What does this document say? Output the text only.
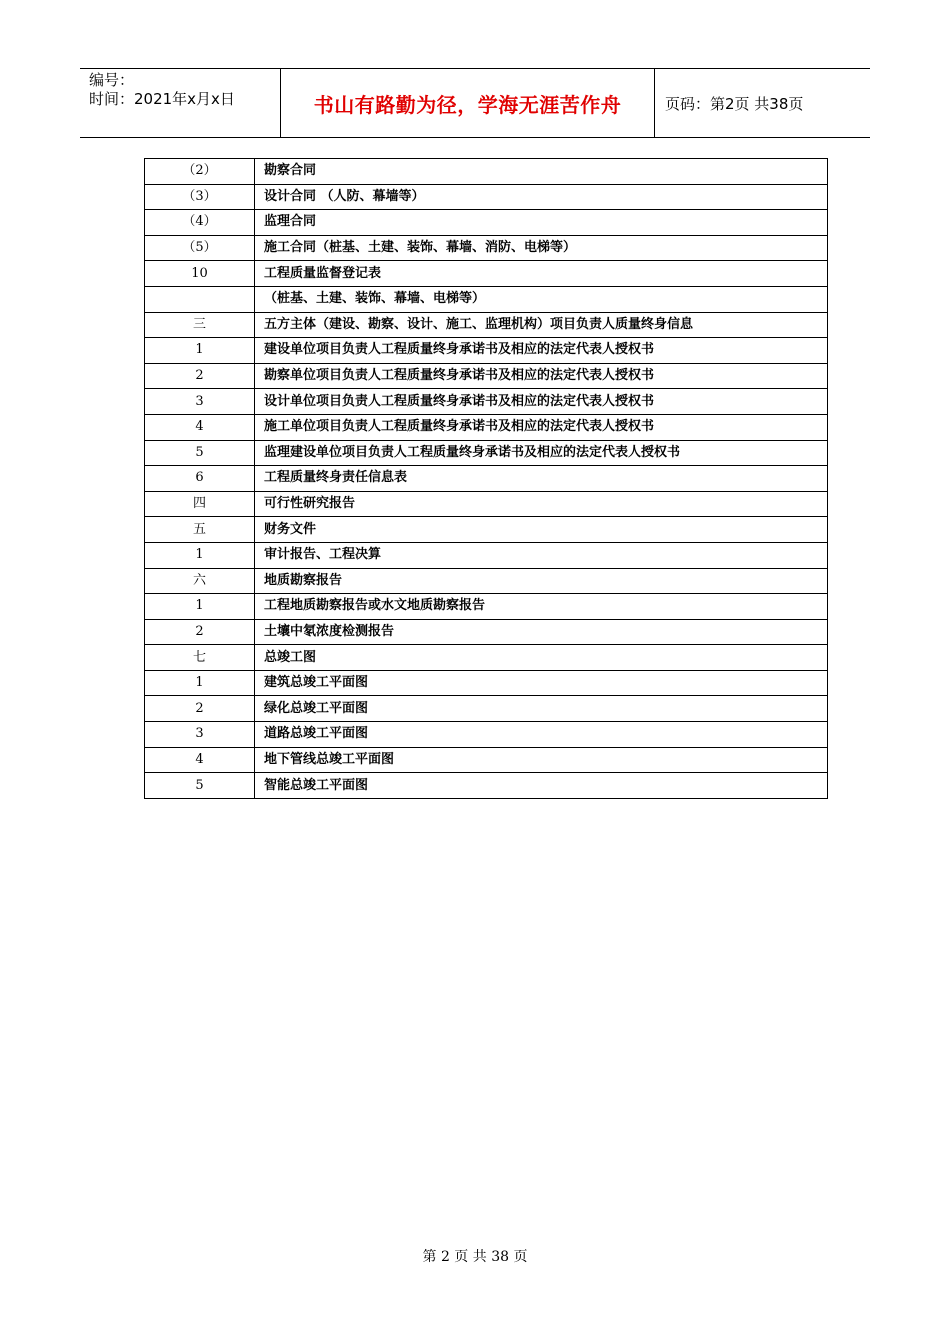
编号：
时间：2021年x月x日	书山有路勤为径，学海无涯苦作舟	页码：第2页 共38页
（2）	勘察合同
（3）	设计合同 （人防、幕墙等）
（4）	监理合同
（5）	施工合同（桩基、土建、装饰、幕墙、消防、电梯等）
10	工程质量监督登记表
	（桩基、土建、装饰、幕墙、电梯等）
三	五方主体（建设、勘察、设计、施工、监理机构）项目负责人质量终身信息
1	建设单位项目负责人工程质量终身承诺书及相应的法定代表人授权书
2	勘察单位项目负责人工程质量终身承诺书及相应的法定代表人授权书
3	设计单位项目负责人工程质量终身承诺书及相应的法定代表人授权书
4	施工单位项目负责人工程质量终身承诺书及相应的法定代表人授权书
5	监理建设单位项目负责人工程质量终身承诺书及相应的法定代表人授权书
6	工程质量终身责任信息表
四	可行性研究报告
五	财务文件
1	审计报告、工程决算
六	地质勘察报告
1	工程地质勘察报告或水文地质勘察报告
2	土壤中氡浓度检测报告
七	总竣工图
1	建筑总竣工平面图
2	绿化总竣工平面图
3	道路总竣工平面图
4	地下管线总竣工平面图
5	智能总竣工平面图
第 2 页 共 38 页
